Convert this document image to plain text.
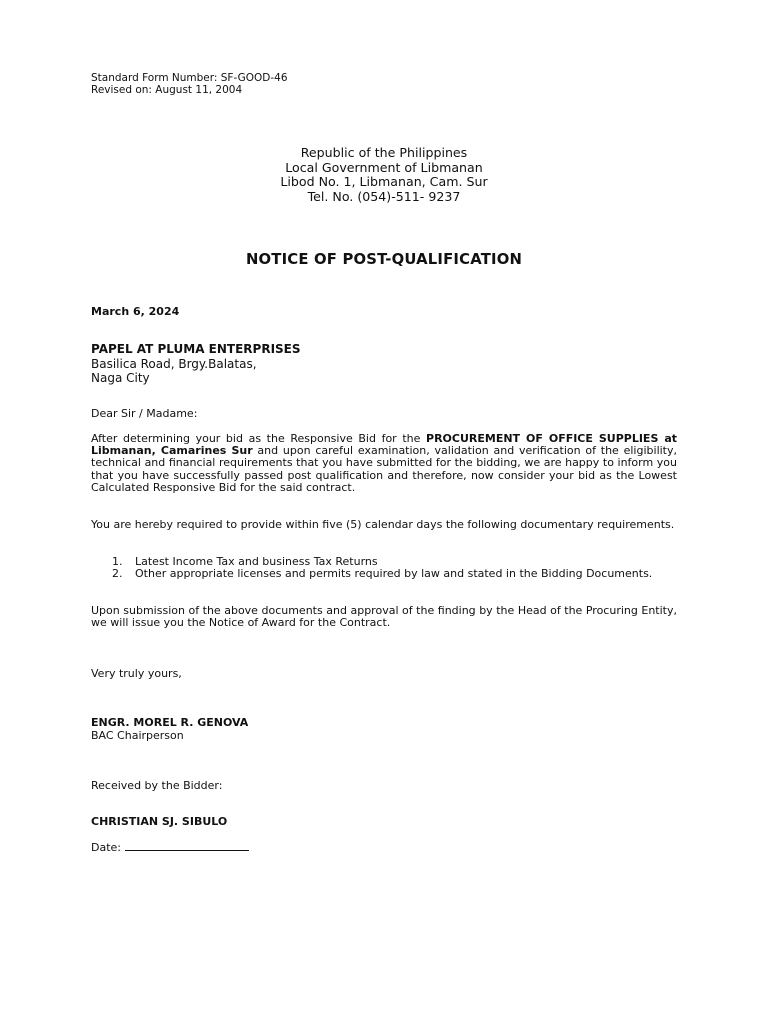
Standard Form Number: SF-GOOD-46
Revised on: August 11, 2004
Republic of the Philippines
Local Government of Libmanan
Libod No. 1, Libmanan, Cam. Sur
Tel. No. (054)-511- 9237
NOTICE OF POST-QUALIFICATION
March 6, 2024
PAPEL AT PLUMA ENTERPRISES
Basilica Road, Brgy.Balatas,
Naga City
Dear Sir / Madame:
After determining your bid as the Responsive Bid for the PROCUREMENT OF OFFICE SUPPLIES at Libmanan, Camarines Sur and upon careful examination, validation and verification of the eligibility, technical and financial requirements that you have submitted for the bidding, we are happy to inform you that you have successfully passed post qualification and therefore, now consider your bid as the Lowest Calculated Responsive Bid for the said contract.
You are hereby required to provide within five (5) calendar days the following documentary requirements.
1.	Latest Income Tax and business Tax Returns
2.	Other appropriate licenses and permits required by law and stated in the Bidding Documents.
Upon submission of the above documents and approval of the finding by the Head of the Procuring Entity, we will issue you the Notice of Award for the Contract.
Very truly yours,
ENGR. MOREL R. GENOVA
BAC Chairperson
Received by the Bidder:
CHRISTIAN SJ. SIBULO
Date:
